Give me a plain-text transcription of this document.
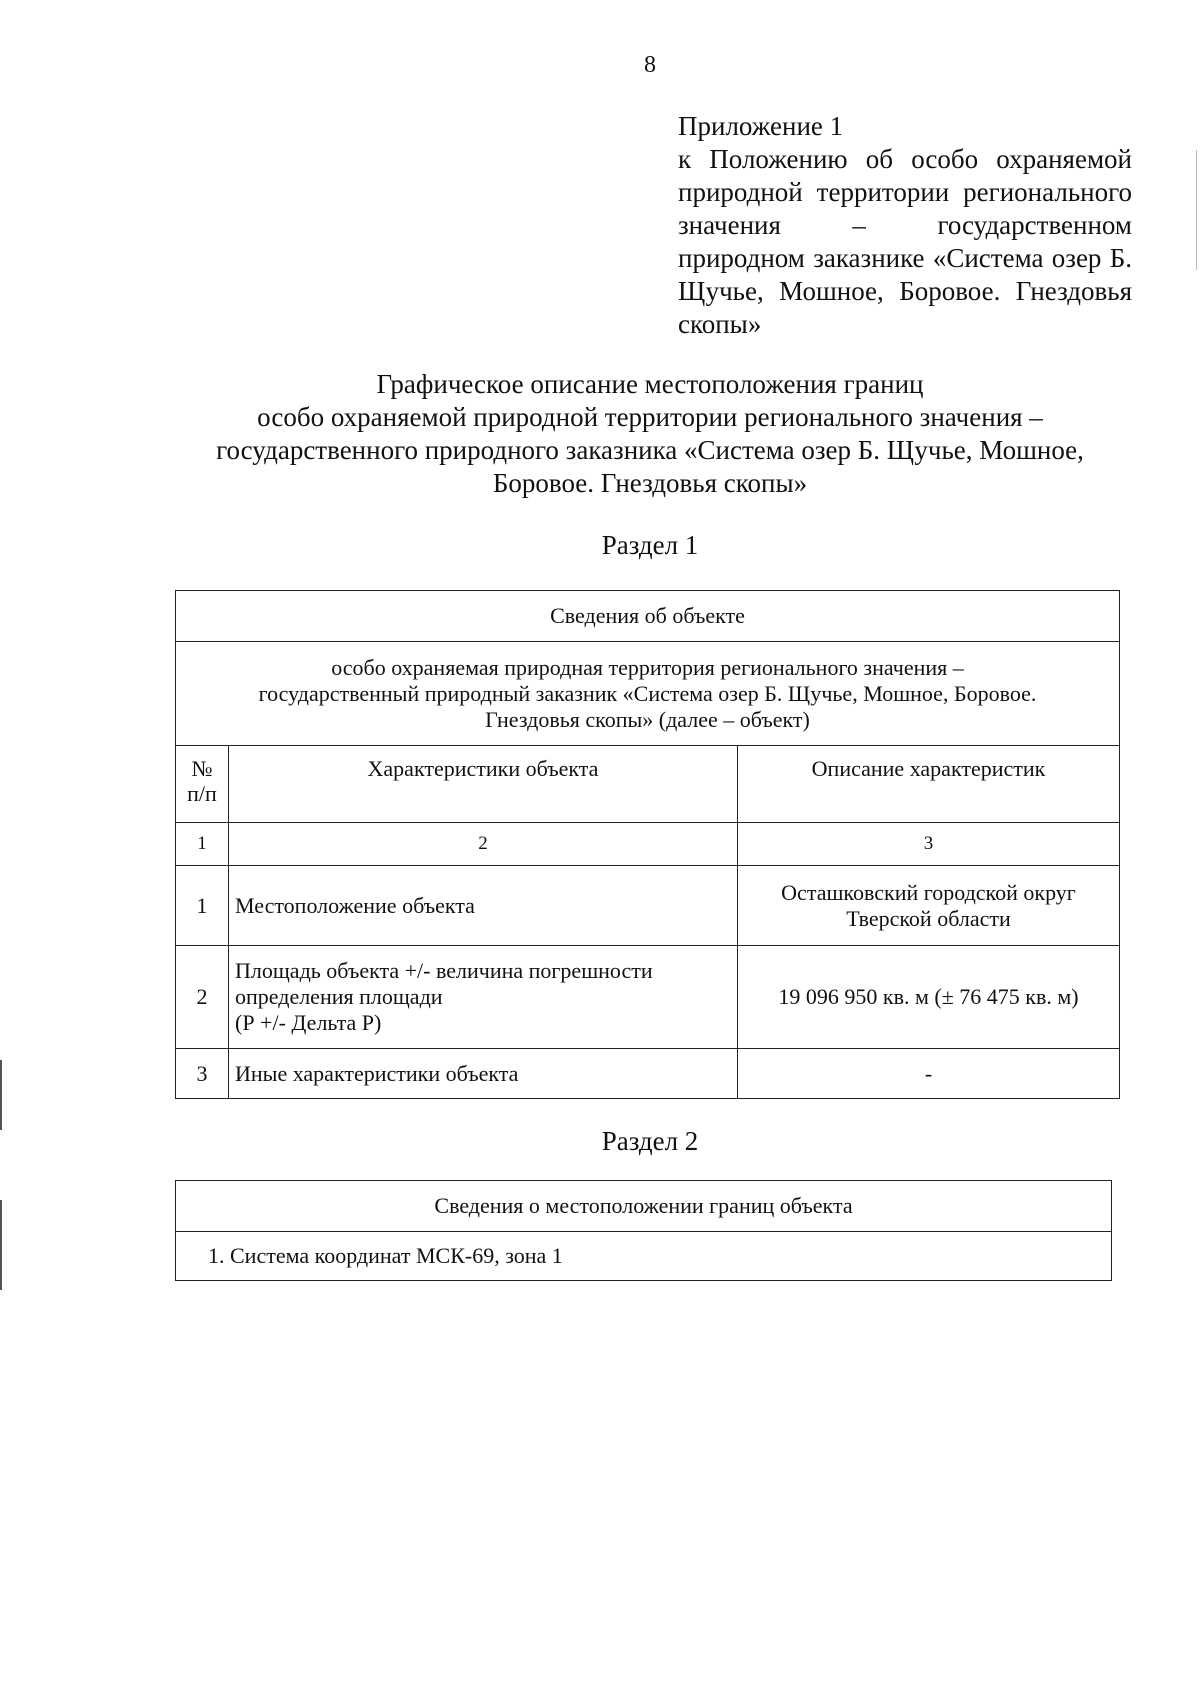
8
Приложение 1
к Положению об особо охраняемой природной территории регионального значения – государственном природном заказнике «Система озер Б. Щучье, Мошное, Боровое. Гнездовья скопы»
Графическое описание местоположения границ
особо охраняемой природной территории регионального значения –
государственного природного заказника «Система озер Б. Щучье, Мошное,
Боровое. Гнездовья скопы»
Раздел 1
Сведения об объекте		

особо охраняемая природная территория регионального значения –
государственный природный заказник «Система озер Б. Щучье, Мошное, Боровое.
Гнездовья скопы» (далее – объект)		

№
п/п	Характеристики объекта	Описание характеристик
1	2	3
1	Местоположение объекта	Осташковский городской округ
Тверской области

2	Площадь объекта +/- величина погрешности
определения площади
(Р +/- Дельта Р)	19 096 950 кв. м (± 76 475 кв. м)
3	Иные характеристики объекта	-
Раздел 2
Сведения о местоположении границ объекта
1. Система координат МСК-69, зона 1
